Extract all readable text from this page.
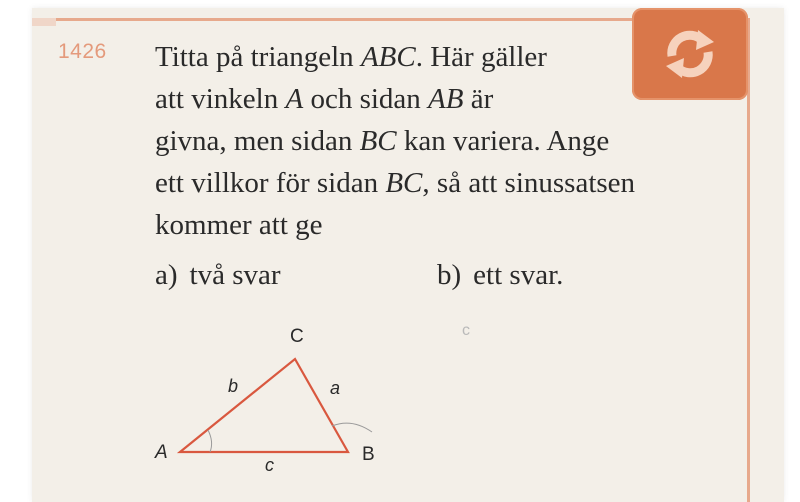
1426 Titta på triangeln ABC. Här gäller
att vinkeln A och sidan AB är
givna, men sidan BC kan variera. Ange
ett villkor för sidan BC, så att sinussatsen
kommer att ge
a) två svar	b) ett svar.
c
C
A	B
b	a
c
